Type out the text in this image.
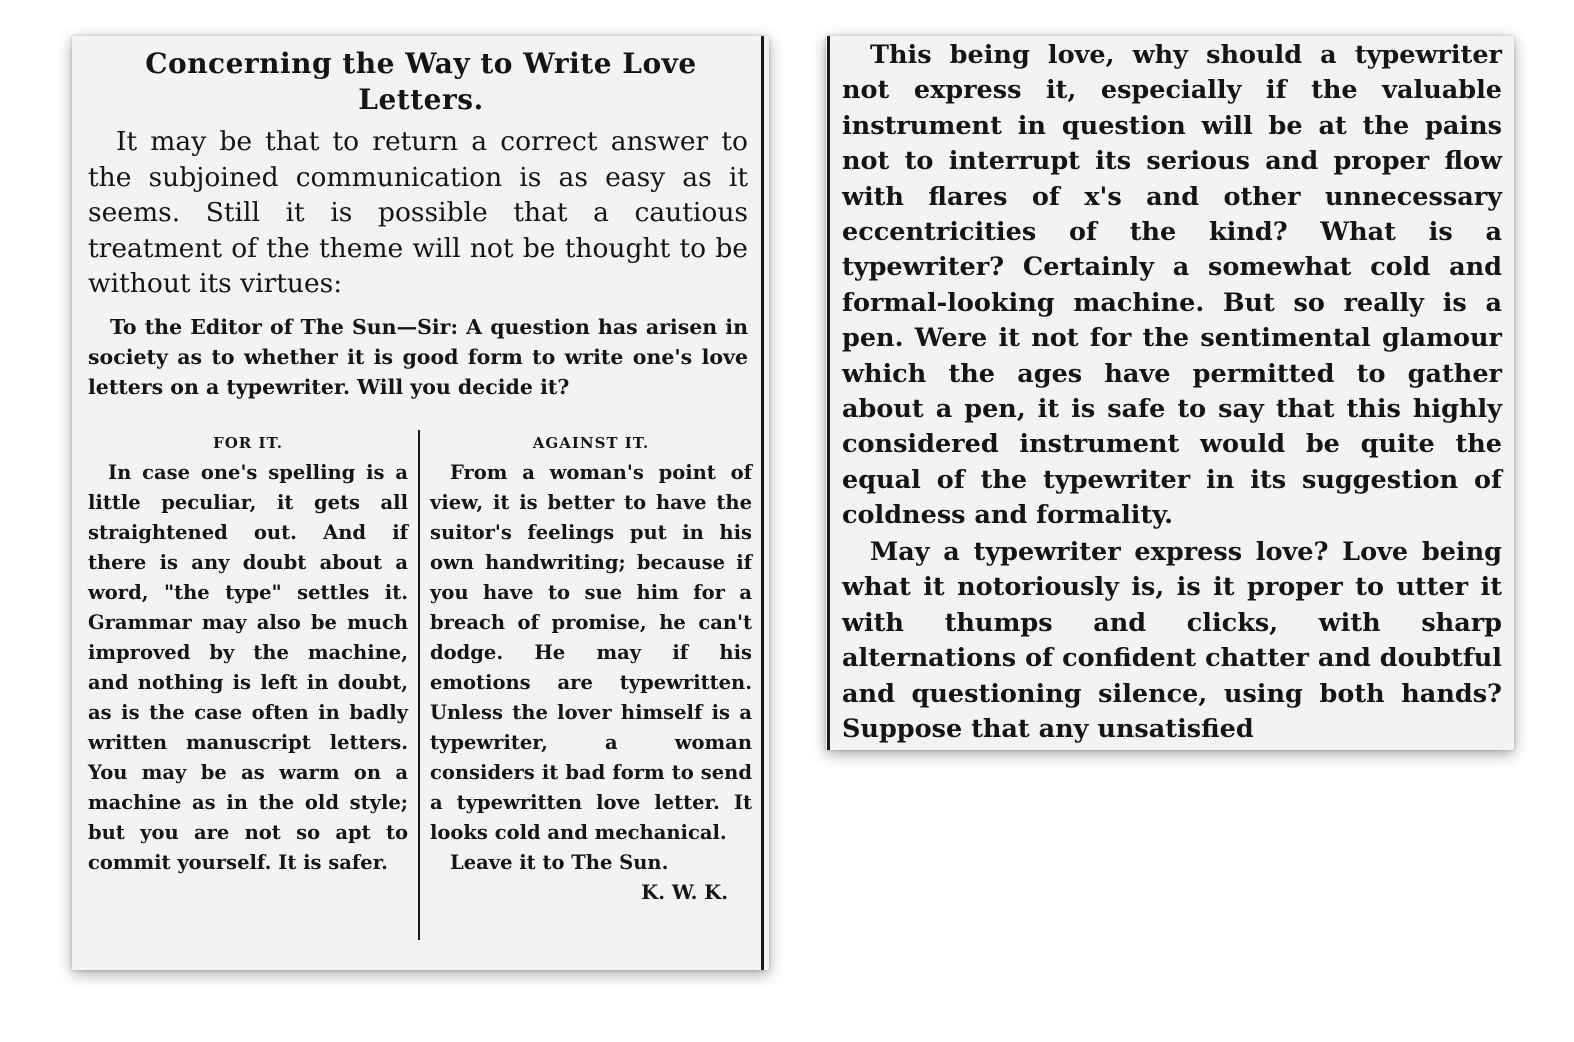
Concerning the Way to Write Love Letters.

It may be that to return a correct answer to the subjoined communication is as easy as it seems. Still it is possible that a cautious treatment of the theme will not be thought to be without its virtues:

To the Editor of The Sun—Sir: A question has arisen in society as to whether it is good form to write one's love letters on a typewriter. Will you decide it?

FOR IT.

In case one's spelling is a little peculiar, it gets all straightened out. And if there is any doubt about a word, "the type" settles it. Grammar may also be much improved by the machine, and nothing is left in doubt, as is the case often in badly written manuscript letters. You may be as warm on a machine as in the old style; but you are not so apt to commit yourself. It is safer.

AGAINST IT.

From a woman's point of view, it is better to have the suitor's feelings put in his own handwriting; because if you have to sue him for a breach of promise, he can't dodge. He may if his emotions are typewritten. Unless the lover himself is a typewriter, a woman considers it bad form to send a typewritten love letter. It looks cold and mechanical.

Leave it to The Sun.

K. W. K.

This being love, why should a typewriter not express it, especially if the valuable instrument in question will be at the pains not to interrupt its serious and proper flow with flares of x's and other unnecessary eccentricities of the kind? What is a typewriter? Certainly a somewhat cold and formal-looking machine. But so really is a pen. Were it not for the sentimental glamour which the ages have permitted to gather about a pen, it is safe to say that this highly considered instrument would be quite the equal of the typewriter in its suggestion of coldness and formality.

May a typewriter express love? Love being what it notoriously is, is it proper to utter it with thumps and clicks, with sharp alternations of confident chatter and doubtful and questioning silence, using both hands? Suppose that any unsatisfied
